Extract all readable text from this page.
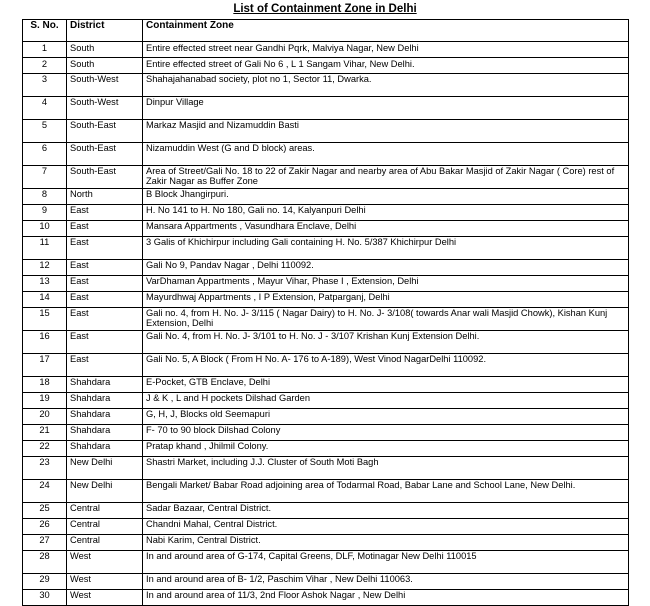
List of Containment Zone in Delhi
S. No.	District	Containment Zone
1	South	Entire effected street near Gandhi Pqrk, Malviya Nagar, New Delhi
2	South	Entire effected street of Gali No 6 , L 1 Sangam Vihar, New Delhi.
3	South-West	Shahajahanabad society, plot no 1, Sector 11, Dwarka.
4	South-West	Dinpur Village
5	South-East	Markaz Masjid and Nizamuddin Basti
6	South-East	Nizamuddin West (G and D block) areas.
7	South-East	Area of Street/Gali No. 18 to 22 of Zakir Nagar and nearby area of Abu Bakar Masjid of Zakir Nagar ( Core) rest of Zakir Nagar as Buffer Zone
8	North	B Block Jhangirpuri.
9	East	H. No 141 to H. No 180, Gali no. 14, Kalyanpuri Delhi
10	East	Mansara Appartments , Vasundhara Enclave, Delhi
11	East	3 Galis of Khichirpur including Gali containing H. No. 5/387 Khichirpur Delhi
12	East	Gali No 9, Pandav Nagar , Delhi 110092.
13	East	VarDhaman Appartments , Mayur Vihar, Phase I , Extension, Delhi
14	East	Mayurdhwaj Appartments , I P Extension, Patparganj, Delhi
15	East	Gali no. 4, from H. No. J- 3/115 ( Nagar Dairy) to H. No. J- 3/108( towards Anar wali Masjid Chowk), Kishan Kunj Extension, Delhi
16	East	Gali No. 4, from H. No. J- 3/101 to H. No. J - 3/107 Krishan Kunj Extension Delhi.
17	East	Gali No. 5, A Block ( From H No. A- 176 to A-189), West Vinod NagarDelhi 110092.
18	Shahdara	E-Pocket, GTB Enclave, Delhi
19	Shahdara	J & K , L and H pockets Dilshad Garden
20	Shahdara	G, H, J, Blocks old Seemapuri
21	Shahdara	F- 70 to 90 block Dilshad Colony
22	Shahdara	Pratap khand , Jhilmil Colony.
23	New Delhi	Shastri Market, including J.J. Cluster of South Moti Bagh
24	New Delhi	Bengali Market/ Babar Road adjoining area of Todarmal Road, Babar Lane and School Lane, New Delhi.
25	Central	Sadar Bazaar, Central District.
26	Central	Chandni Mahal, Central District.
27	Central	Nabi Karim, Central District.
28	West	In and around area of G-174, Capital Greens, DLF, Motinagar New Delhi 110015
29	West	In and around area of B- 1/2, Paschim Vihar , New Delhi 110063.
30	West	In and around area of 11/3, 2nd Floor Ashok Nagar , New Delhi
